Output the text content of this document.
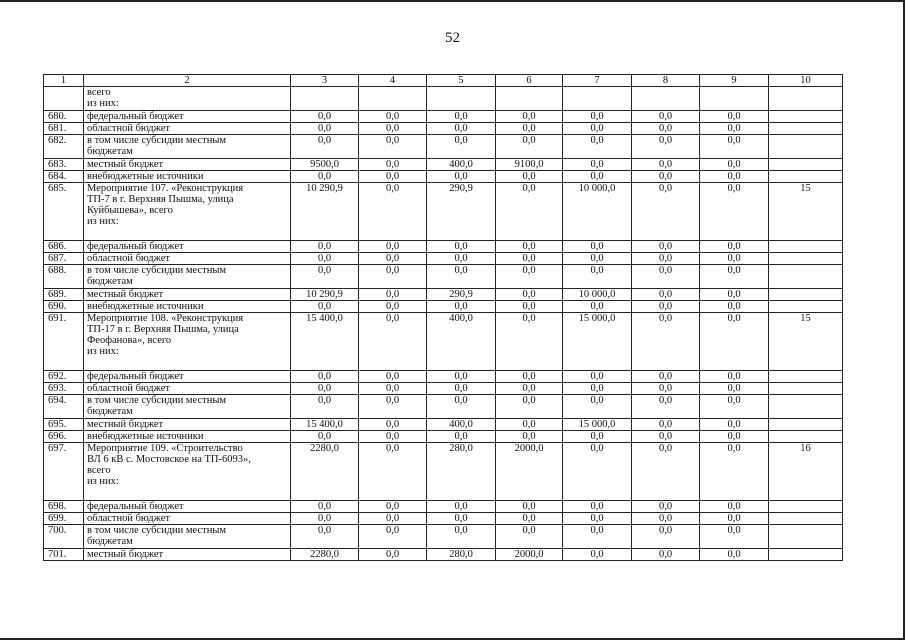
52
1	2	3	4	5	6	7	8	9	10

	всего
из них:								

680.	федеральный бюджет	0,0	0,0	0,0	0,0	0,0	0,0	0,0	
681.	областной бюджет	0,0	0,0	0,0	0,0	0,0	0,0	0,0	
682.	в том числе субсидии местным
бюджетам	0,0	0,0	0,0	0,0	0,0	0,0	0,0	
683.	местный бюджет	9500,0	0,0	400,0	9100,0	0,0	0,0	0,0	
684.	внебюджетные источники	0,0	0,0	0,0	0,0	0,0	0,0	0,0	
685.	Мероприятие 107. «Реконструкция
ТП-7 в г. Верхняя Пышма, улица
Куйбышева», всего
из них:	10 290,9	0,0	290,9	0,0	10 000,0	0,0	0,0	15
686.	федеральный бюджет	0,0	0,0	0,0	0,0	0,0	0,0	0,0	
687.	областной бюджет	0,0	0,0	0,0	0,0	0,0	0,0	0,0	
688.	в том числе субсидии местным
бюджетам	0,0	0,0	0,0	0,0	0,0	0,0	0,0	
689.	местный бюджет	10 290,9	0,0	290,9	0,0	10 000,0	0,0	0,0	
690.	внебюджетные источники	0,0	0,0	0,0	0,0	0,0	0,0	0,0	
691.	Мероприятие 108. «Реконструкция
ТП-17 в г. Верхняя Пышма, улица
Феофанова», всего
из них:	15 400,0	0,0	400,0	0,0	15 000,0	0,0	0,0	15
692.	федеральный бюджет	0,0	0,0	0,0	0,0	0,0	0,0	0,0	
693.	областной бюджет	0,0	0,0	0,0	0,0	0,0	0,0	0,0	
694.	в том числе субсидии местным
бюджетам	0,0	0,0	0,0	0,0	0,0	0,0	0,0	
695.	местный бюджет	15 400,0	0,0	400,0	0,0	15 000,0	0,0	0,0	
696.	внебюджетные источники	0,0	0,0	0,0	0,0	0,0	0,0	0,0	
697.	Мероприятие 109. «Строительство
ВЛ 6 кВ с. Мостовское на ТП-6093»,
всего
из них:	2280,0	0,0	280,0	2000,0	0,0	0,0	0,0	16
698.	федеральный бюджет	0,0	0,0	0,0	0,0	0,0	0,0	0,0	
699.	областной бюджет	0,0	0,0	0,0	0,0	0,0	0,0	0,0	
700.	в том числе субсидии местным
бюджетам	0,0	0,0	0,0	0,0	0,0	0,0	0,0	
701.	местный бюджет	2280,0	0,0	280,0	2000,0	0,0	0,0	0,0	
